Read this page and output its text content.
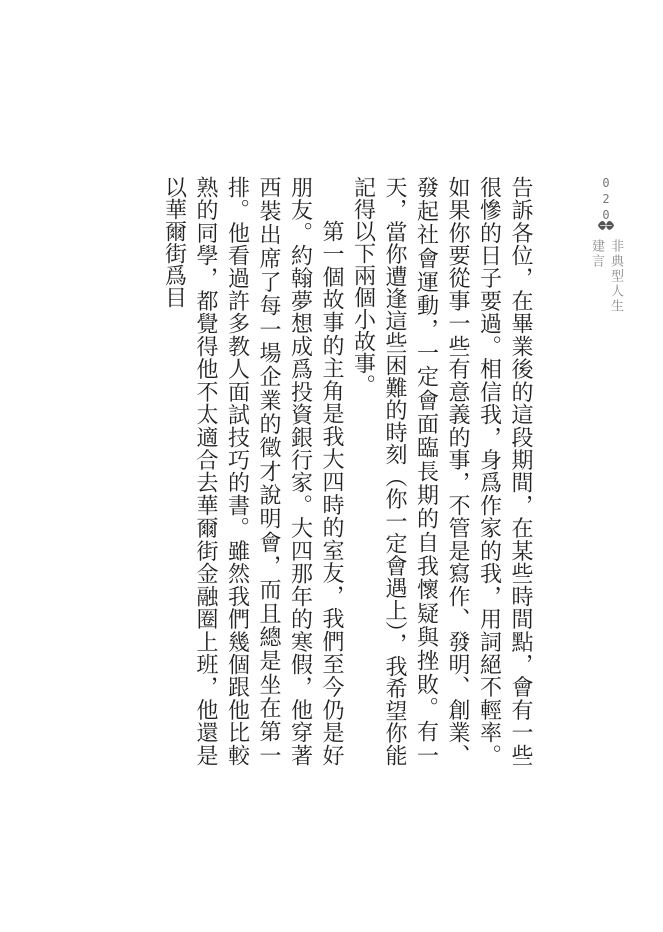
020
非典型人生建言

告訴各位，在畢業後的這段期間，在某些時間點，會有一些很慘的日子要過。相信我，身爲作家的我，用詞絕不輕率。如果你要從事一些有意義的事，不管是寫作、發明、創業、發起社會運動，一定會面臨長期的自我懷疑與挫敗。有一天，當你遭逢這些困難的時刻（你一定會遇上），我希望你能記得以下兩個小故事。

第一個故事的主角是我大四時的室友，我們至今仍是好朋友。約翰夢想成爲投資銀行家。大四那年的寒假，他穿著西裝出席了每一場企業的徵才說明會，而且總是坐在第一排。他看過許多教人面試技巧的書。雖然我們幾個跟他比較熟的同學，都覺得他不太適合去華爾街金融圈上班，他還是以華爾街爲目
